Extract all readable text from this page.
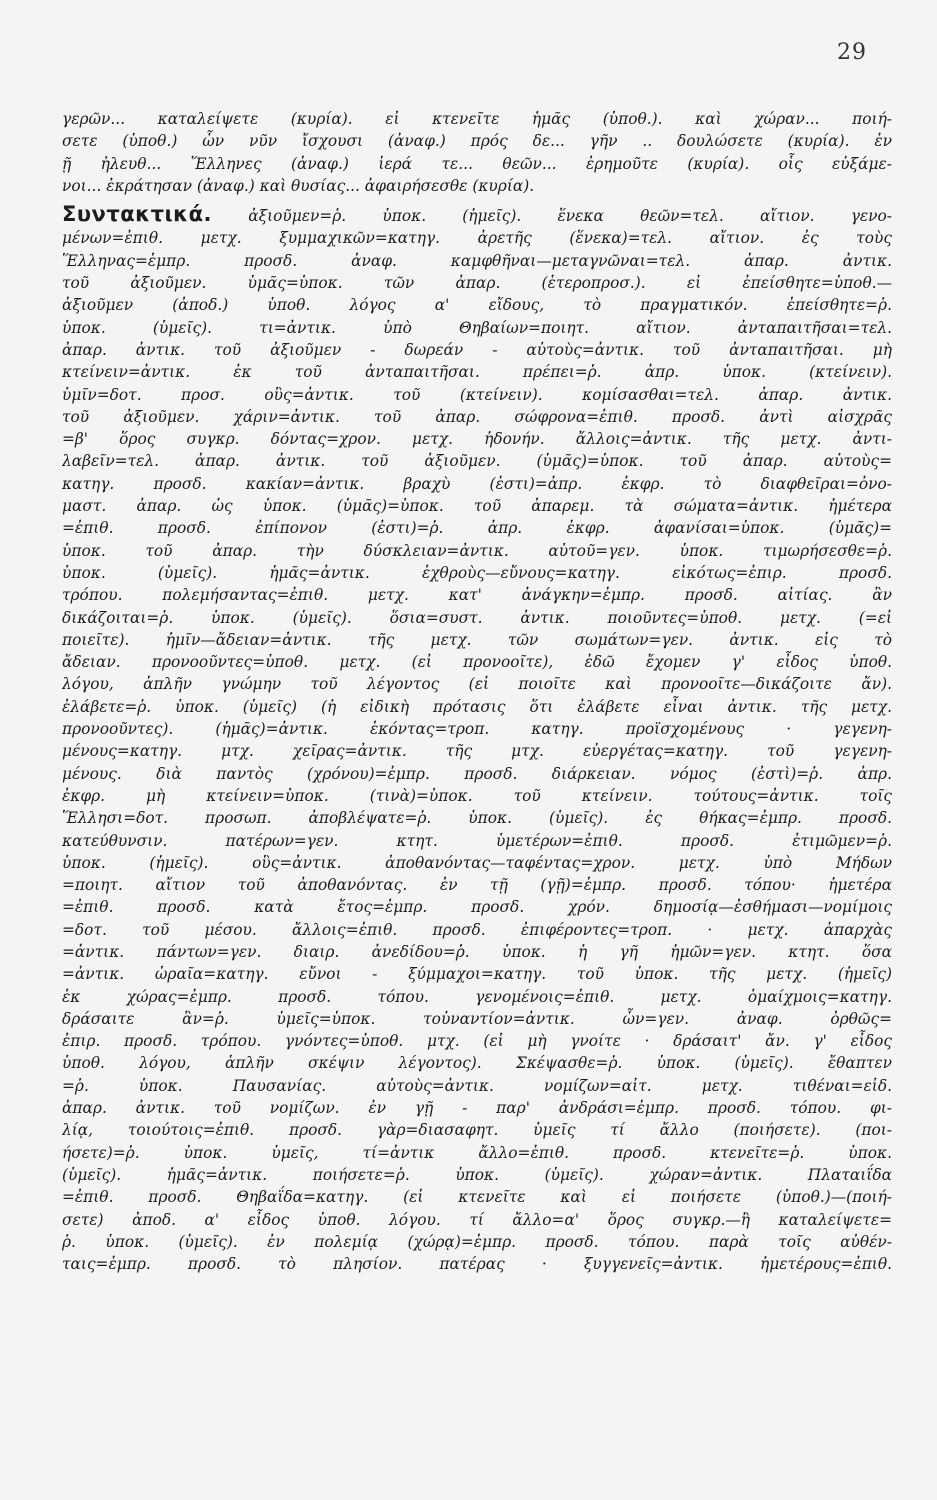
29
γερῶν... καταλείψετε (κυρία). εἰ κτενεῖτε ἡμᾶς (ὑποθ.). καὶ χώραν... ποιή-
σετε (ὑποθ.) ὧν νῦν ἴσχουσι (ἀναφ.) πρός δε... γῆν .. δουλώσετε (κυρία). ἐν
ῇ ἠλευθ... Ἕλληνες (ἀναφ.) ἱερά τε... θεῶν... ἐρημοῦτε (κυρία). οἷς εὐξάμε-
νοι... ἐκράτησαν (ἀναφ.) καὶ θυσίας... ἀφαιρήσεσθε (κυρία).
Συντακτικά. ἀξιοῦμεν=ῥ. ὑποκ. (ἡμεῖς). ἕνεκα θεῶν=τελ. αἴτιον. γενο-
μένων=ἐπιθ. μετχ. ξυμμαχικῶν=κατηγ. ἀρετῆς (ἕνεκα)=τελ. αἴτιον. ἐς τοὺς
Ἕλληνας=ἐμπρ. προσδ. ἀναφ. καμφθῆναι—μεταγνῶναι=τελ. ἀπαρ. ἀντικ.
τοῦ ἀξιοῦμεν. ὑμᾶς=ὑποκ. τῶν ἀπαρ. (ἑτεροπροσ.). εἰ ἐπείσθητε=ὑποθ.—
ἀξιοῦμεν (ἀποδ.) ὑποθ. λόγος α' εἴδους, τὸ πραγματικόν. ἐπείσθητε=ῥ.
ὑποκ. (ὑμεῖς). τι=ἀντικ. ὑπὸ Θηβαίων=ποιητ. αἴτιον. ἀνταπαιτῆσαι=τελ.
ἀπαρ. ἀντικ. τοῦ ἀξιοῦμεν - δωρεάν - αὐτοὺς=ἀντικ. τοῦ ἀνταπαιτῆσαι. μὴ
κτείνειν=ἀντικ. ἐκ τοῦ ἀνταπαιτῆσαι. πρέπει=ῥ. ἀπρ. ὑποκ. (κτείνειν).
ὑμῖν=δοτ. προσ. οὓς=ἀντικ. τοῦ (κτείνειν). κομίσασθαι=τελ. ἀπαρ. ἀντικ.
τοῦ ἀξιοῦμεν. χάριν=ἀντικ. τοῦ ἀπαρ. σώφρονα=ἐπιθ. προσδ. ἀντὶ αἰσχρᾶς
=β' ὅρος συγκρ. δόντας=χρον. μετχ. ἡδονήν. ἄλλοις=ἀντικ. τῆς μετχ. ἀντι-
λαβεῖν=τελ. ἀπαρ. ἀντικ. τοῦ ἀξιοῦμεν. (ὑμᾶς)=ὑποκ. τοῦ ἀπαρ. αὐτοὺς=
κατηγ. προσδ. κακίαν=ἀντικ. βραχὺ (ἐστι)=ἀπρ. ἐκφρ. τὸ διαφθεῖραι=ὀνο-
μαστ. ἀπαρ. ὡς ὑποκ. (ὑμᾶς)=ὑποκ. τοῦ ἀπαρεμ. τὰ σώματα=ἀντικ. ἡμέτερα
=ἐπιθ. προσδ. ἐπίπονον (ἐστι)=ῥ. ἀπρ. ἐκφρ. ἀφανίσαι=ὑποκ. (ὑμᾶς)=
ὑποκ. τοῦ ἀπαρ. τὴν δύσκλειαν=ἀντικ. αὐτοῦ=γεν. ὑποκ. τιμωρήσεσθε=ῥ.
ὑποκ. (ὑμεῖς). ἡμᾶς=ἀντικ. ἐχθροὺς—εὔνους=κατηγ. εἰκότως=ἐπιρ. προσδ.
τρόπου. πολεμήσαντας=ἐπιθ. μετχ. κατ' ἀνάγκην=ἐμπρ. προσδ. αἰτίας. ἂν
δικάζοιται=ῥ. ὑποκ. (ὑμεῖς). ὅσια=συστ. ἀντικ. ποιοῦντες=ὑποθ. μετχ. (=εἰ
ποιεῖτε). ἡμῖν—ἄδειαν=ἀντικ. τῆς μετχ. τῶν σωμάτων=γεν. ἀντικ. εἰς τὸ
ἄδειαν. προνοοῦντες=ὑποθ. μετχ. (εἰ προνοοῖτε), ἐδῶ ἔχομεν γ' εἶδος ὑποθ.
λόγου, ἁπλῆν γνώμην τοῦ λέγοντος (εἰ ποιοῖτε καὶ προνοοῖτε—δικάζοιτε ἄν).
ἐλάβετε=ῥ. ὑποκ. (ὑμεῖς) (ἡ εἰδικὴ πρότασις ὅτι ἐλάβετε εἶναι ἀντικ. τῆς μετχ.
προνοοῦντες). (ἡμᾶς)=ἀντικ. ἑκόντας=τροπ. κατηγ. προϊσχομένους · γεγενη-
μένους=κατηγ. μτχ. χεῖρας=ἀντικ. τῆς μτχ. εὐεργέτας=κατηγ. τοῦ γεγενη-
μένους. διὰ παντὸς (χρόνου)=ἐμπρ. προσδ. διάρκειαν. νόμος (ἐστὶ)=ῥ. ἀπρ.
ἐκφρ. μὴ κτείνειν=ὑποκ. (τινὰ)=ὑποκ. τοῦ κτείνειν. τούτους=ἀντικ. τοῖς
Ἕλλησι=δοτ. προσωπ. ἀποβλέψατε=ῥ. ὑποκ. (ὑμεῖς). ἐς θήκας=ἐμπρ. προσδ.
κατεύθυνσιν. πατέρων=γεν. κτητ. ὑμετέρων=ἐπιθ. προσδ. ἐτιμῶμεν=ῥ.
ὑποκ. (ἡμεῖς). οὓς=ἀντικ. ἀποθανόντας—ταφέντας=χρον. μετχ. ὑπὸ Μήδων
=ποιητ. αἴτιον τοῦ ἀποθανόντας. ἐν τῇ (γῇ)=ἐμπρ. προσδ. τόπου· ἡμετέρα
=ἐπιθ. προσδ. κατὰ ἔτος=ἐμπρ. προσδ. χρόν. δημοσίᾳ—ἐσθήμασι—νομίμοις
=δοτ. τοῦ μέσου. ἄλλοις=ἐπιθ. προσδ. ἐπιφέροντες=τροπ. · μετχ. ἀπαρχὰς
=ἀντικ. πάντων=γεν. διαιρ. ἀνεδίδου=ῥ. ὑποκ. ἡ γῆ ἡμῶν=γεν. κτητ. ὅσα
=ἀντικ. ὡραῖα=κατηγ. εὔνοι - ξύμμαχοι=κατηγ. τοῦ ὑποκ. τῆς μετχ. (ἡμεῖς)
ἐκ χώρας=ἐμπρ. προσδ. τόπου. γενομένοις=ἐπιθ. μετχ. ὁμαίχμοις=κατηγ.
δράσαιτε ἂν=ῥ. ὑμεῖς=ὑποκ. τοὐναντίον=ἀντικ. ὧν=γεν. ἀναφ. ὀρθῶς=
ἐπιρ. προσδ. τρόπου. γνόντες=ὑποθ. μτχ. (εἰ μὴ γνοίτε · δράσαιτ' ἄν. γ' εἶδος
ὑποθ. λόγου, ἁπλῆν σκέψιν λέγοντος). Σκέψασθε=ῥ. ὑποκ. (ὑμεῖς). ἔθαπτεν
=ῥ. ὑποκ. Παυσανίας. αὐτοὺς=ἀντικ. νομίζων=αἰτ. μετχ. τιθέναι=εἰδ.
ἀπαρ. ἀντικ. τοῦ νομίζων. ἐν γῇ - παρ' ἀνδράσι=ἐμπρ. προσδ. τόπου. φι-
λίᾳ, τοιούτοις=ἐπιθ. προσδ. γὰρ=διασαφητ. ὑμεῖς τί ἄλλο (ποιήσετε). (ποι-
ήσετε)=ῥ. ὑποκ. ὑμεῖς, τί=ἀντικ ἄλλο=ἐπιθ. προσδ. κτενεῖτε=ῥ. ὑποκ.
(ὑμεῖς). ἡμᾶς=ἀντικ. ποιήσετε=ῥ. ὑποκ. (ὑμεῖς). χώραν=ἀντικ. Πλαταιΐδα
=ἐπιθ. προσδ. Θηβαΐδα=κατηγ. (εἰ κτενεῖτε καὶ εἰ ποιήσετε (ὑποθ.)—(ποιή-
σετε) ἀποδ. α' εἶδος ὑποθ. λόγου. τί ἄλλο=α' ὅρος συγκρ.—ἢ καταλείψετε=
ῥ. ὑποκ. (ὑμεῖς). ἐν πολεμίᾳ (χώρᾳ)=ἐμπρ. προσδ. τόπου. παρὰ τοῖς αὐθέν-
ταις=ἐμπρ. προσδ. τὸ πλησίον. πατέρας · ξυγγενεῖς=ἀντικ. ἡμετέρους=ἐπιθ.
